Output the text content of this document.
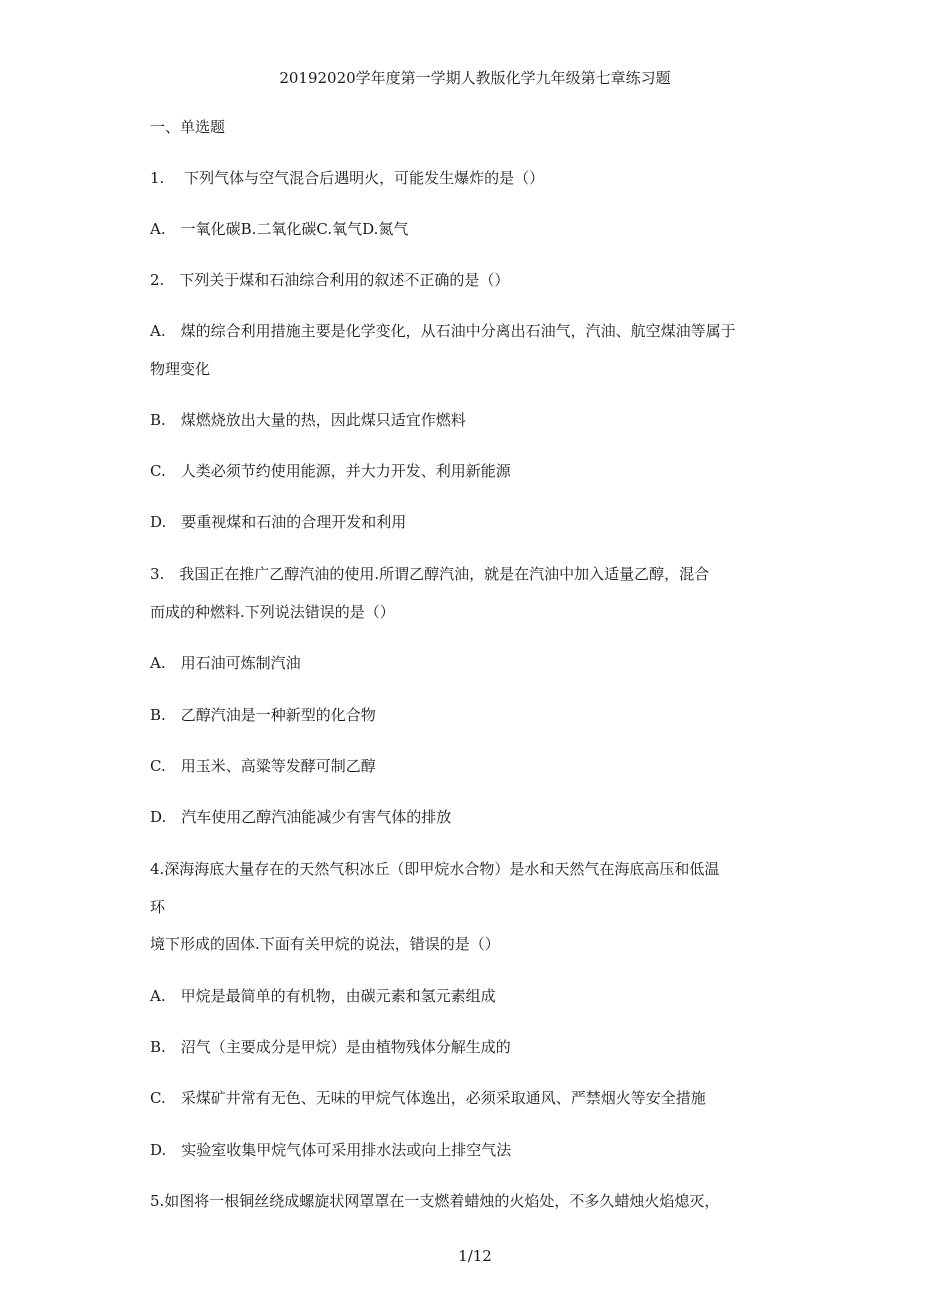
20192020学年度第一学期人教版化学九年级第七章练习题
一、单选题
1.　 下列气体与空气混合后遇明火，可能发生爆炸的是（）
A.　一氧化碳B.二氧化碳C.氧气D.氮气
2.　下列关于煤和石油综合利用的叙述不正确的是（）
A.　煤的综合利用措施主要是化学变化，从石油中分离出石油气，汽油、航空煤油等属于
物理变化
B.　煤燃烧放出大量的热，因此煤只适宜作燃料
C.　人类必须节约使用能源，并大力开发、利用新能源
D.　要重视煤和石油的合理开发和利用
3.　我国正在推广乙醇汽油的使用.所谓乙醇汽油，就是在汽油中加入适量乙醇，混合
而成的种燃料.下列说法错误的是（）
A.　用石油可炼制汽油
B.　乙醇汽油是一种新型的化合物
C.　用玉米、高粱等发酵可制乙醇
D.　汽车使用乙醇汽油能减少有害气体的排放
4.深海海底大量存在的天然气积冰丘（即甲烷水合物）是水和天然气在海底高压和低温
环
境下形成的固体.下面有关甲烷的说法，错误的是（）
A.　甲烷是最简单的有机物，由碳元素和氢元素组成
B.　沼气（主要成分是甲烷）是由植物残体分解生成的
C.　采煤矿井常有无色、无味的甲烷气体逸出，必须采取通风、严禁烟火等安全措施
D.　实验室收集甲烷气体可采用排水法或向上排空气法
5.如图将一根铜丝绕成螺旋状网罩罩在一支燃着蜡烛的火焰处，不多久蜡烛火焰熄灭，
1/12
